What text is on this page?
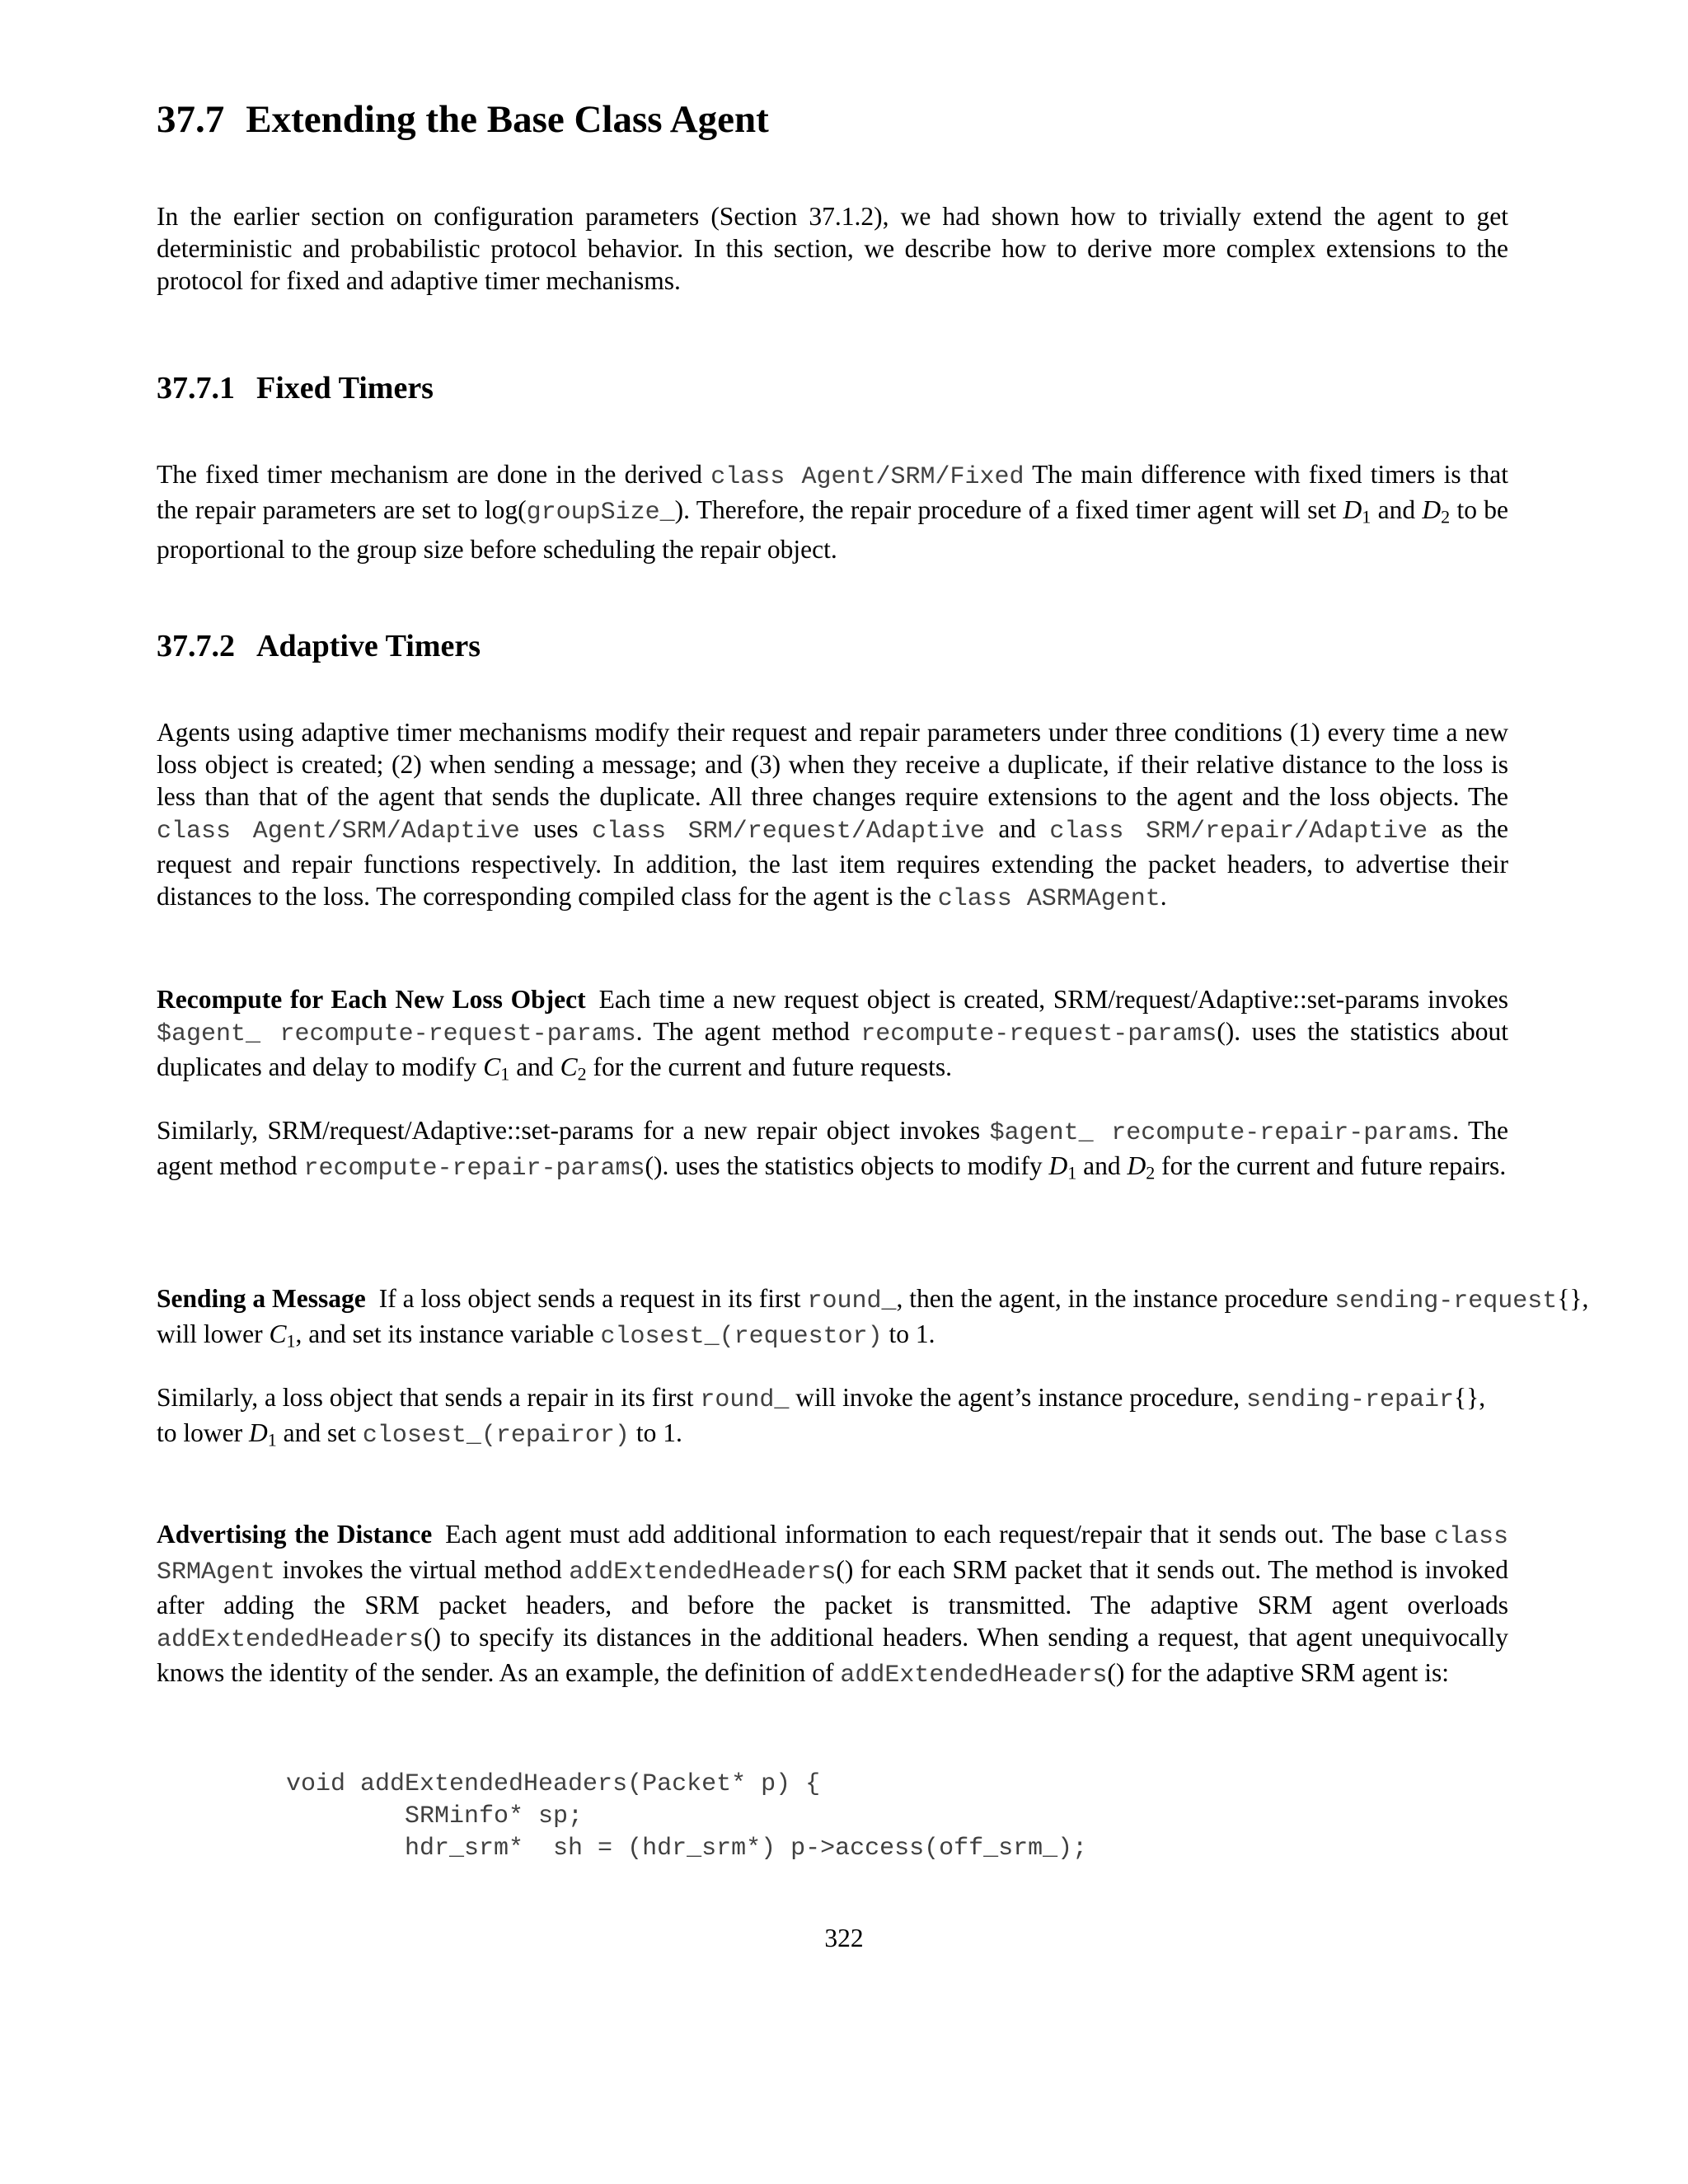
37.7 Extending the Base Class Agent

In the earlier section on configuration parameters (Section 37.1.2), we had shown how to trivially extend the agent to get deterministic and probabilistic protocol behavior. In this section, we describe how to derive more complex extensions to the protocol for fixed and adaptive timer mechanisms.

37.7.1 Fixed Timers

The fixed timer mechanism are done in the derived class Agent/SRM/Fixed The main difference with fixed timers is that the repair parameters are set to log(groupSize_). Therefore, the repair procedure of a fixed timer agent will set $D_1$ and $D_2$ to be proportional to the group size before scheduling the repair object.

37.7.2 Adaptive Timers

Agents using adaptive timer mechanisms modify their request and repair parameters under three conditions (1) every time a new loss object is created; (2) when sending a message; and (3) when they receive a duplicate, if their relative distance to the loss is less than that of the agent that sends the duplicate. All three changes require extensions to the agent and the loss objects. The class Agent/SRM/Adaptive uses class SRM/request/Adaptive and class SRM/repair/Adaptive as the request and repair functions respectively. In addition, the last item requires extending the packet headers, to advertise their distances to the loss. The corresponding compiled class for the agent is the class ASRMAgent.

Recompute for Each New Loss Object Each time a new request object is created, SRM/request/Adaptive::set-params invokes $agent_ recompute-request-params. The agent method recompute-request-params(). uses the statistics about duplicates and delay to modify $C_1$ and $C_2$ for the current and future requests.

Similarly, SRM/request/Adaptive::set-params for a new repair object invokes $agent_ recompute-repair-params. The agent method recompute-repair-params(). uses the statistics objects to modify $D_1$ and $D_2$ for the current and future repairs.

Sending a Message If a loss object sends a request in its first round_, then the agent, in the instance procedure sending-request{},
will lower $C_1$, and set its instance variable closest_(requestor) to 1.

Similarly, a loss object that sends a repair in its first round_ will invoke the agent’s instance procedure, sending-repair{},
to lower $D_1$ and set closest_(repairor) to 1.

Advertising the Distance Each agent must add additional information to each request/repair that it sends out. The base class SRMAgent invokes the virtual method addExtendedHeaders() for each SRM packet that it sends out. The method is invoked after adding the SRM packet headers, and before the packet is transmitted. The adaptive SRM agent overloads addExtendedHeaders() to specify its distances in the additional headers. When sending a request, that agent unequivocally knows the identity of the sender. As an example, the definition of addExtendedHeaders() for the adaptive SRM agent is:

void addExtendedHeaders(Packet* p) {
SRMinfo* sp;
hdr_srm*  sh = (hdr_srm*) p->access(off_srm_);
322
